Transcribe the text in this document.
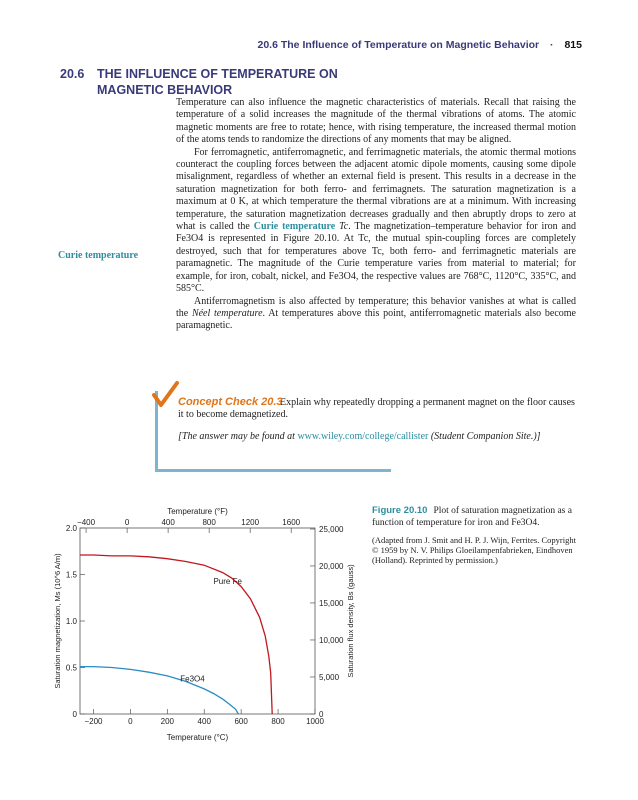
20.6 The Influence of Temperature on Magnetic Behavior · 815
20.6 THE INFLUENCE OF TEMPERATURE ON
MAGNETIC BEHAVIOR
Curie temperature

Temperature can also influence the magnetic characteristics of materials. Recall that raising the temperature of a solid increases the magnitude of the thermal vibrations of atoms. The atomic magnetic moments are free to rotate; hence, with rising temperature, the increased thermal motion of the atoms tends to randomize the directions of any moments that may be aligned.

For ferromagnetic, antiferromagnetic, and ferrimagnetic materials, the atomic thermal motions counteract the coupling forces between the adjacent atomic dipole moments, causing some dipole misalignment, regardless of whether an external field is present. This results in a decrease in the saturation magnetization for both ferro- and ferrimagnets. The saturation magnetization is a maximum at 0 K, at which temperature the thermal vibrations are at a minimum. With increasing temperature, the saturation magnetization decreases gradually and then abruptly drops to zero at what is called the Curie temperature Tc. The magnetization–temperature behavior for iron and Fe3O4 is represented in Figure 20.10. At Tc, the mutual spin-coupling forces are completely destroyed, such that for temperatures above Tc, both ferro- and ferrimagnetic materials are paramagnetic. The magnitude of the Curie temperature varies from material to material; for example, for iron, cobalt, nickel, and Fe3O4, the respective values are 768°C, 1120°C, 335°C, and 585°C.

Antiferromagnetism is also affected by temperature; this behavior vanishes at what is called the Néel temperature. At temperatures above this point, antiferromagnetic materials also become paramagnetic.

Explain why repeatedly dropping a permanent magnet on the floor causes it to become demagnetized.
Concept Check 20.3
[The answer may be found at www.wiley.com/college/callister (Student Companion Site.)]
−200	0	200	400	600	800	1000
−400	0	400	800	1200	1600
0
0.5
1.0
1.5
2.0
0
5,000
10,000
15,000
20,000
25,000
Pure Fe
Fe3O4
Temperature (°C)
Temperature (°F)
Saturation magnetization, Ms (10^6 A/m)	Saturation flux density, Bs (gauss)
Figure 20.10 Plot of saturation magnetization as a function of temperature for iron and Fe3O4.
(Adapted from J. Smit and H. P. J. Wijn, Ferrites. Copyright © 1959 by N. V. Philips Gloeilampenfabrieken, Eindhoven (Holland). Reprinted by permission.)
